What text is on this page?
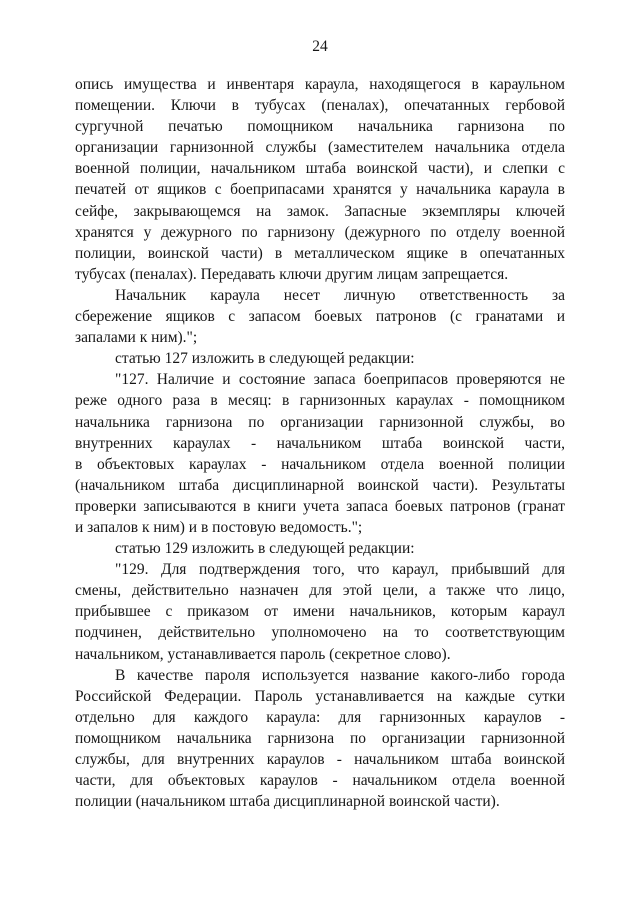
24
опись имущества и инвентаря караула, находящегося в караульном
помещении. Ключи в тубусах (пеналах), опечатанных гербовой
сургучной печатью помощником начальника гарнизона по
организации гарнизонной службы (заместителем начальника отдела
военной полиции, начальником штаба воинской части), и слепки с
печатей от ящиков с боеприпасами хранятся у начальника караула в
сейфе, закрывающемся на замок. Запасные экземпляры ключей
хранятся у дежурного по гарнизону (дежурного по отделу военной
полиции, воинской части) в металлическом ящике в опечатанных
тубусах (пеналах). Передавать ключи другим лицам запрещается.
Начальник караула несет личную ответственность за
сбережение ящиков с запасом боевых патронов (с гранатами и
запалами к ним).";
статью 127 изложить в следующей редакции:
"127. Наличие и состояние запаса боеприпасов проверяются не
реже одного раза в месяц: в гарнизонных караулах - помощником
начальника гарнизона по организации гарнизонной службы, во
внутренних караулах - начальником штаба воинской части,
в объектовых караулах - начальником отдела военной полиции
(начальником штаба дисциплинарной воинской части). Результаты
проверки записываются в книги учета запаса боевых патронов (гранат
и запалов к ним) и в постовую ведомость.";
статью 129 изложить в следующей редакции:
"129. Для подтверждения того, что караул, прибывший для
смены, действительно назначен для этой цели, а также что лицо,
прибывшее с приказом от имени начальников, которым караул
подчинен, действительно уполномочено на то соответствующим
начальником, устанавливается пароль (секретное слово).
В качестве пароля используется название какого-либо города
Российской Федерации. Пароль устанавливается на каждые сутки
отдельно для каждого караула: для гарнизонных караулов -
помощником начальника гарнизона по организации гарнизонной
службы, для внутренних караулов - начальником штаба воинской
части, для объектовых караулов - начальником отдела военной
полиции (начальником штаба дисциплинарной воинской части).
